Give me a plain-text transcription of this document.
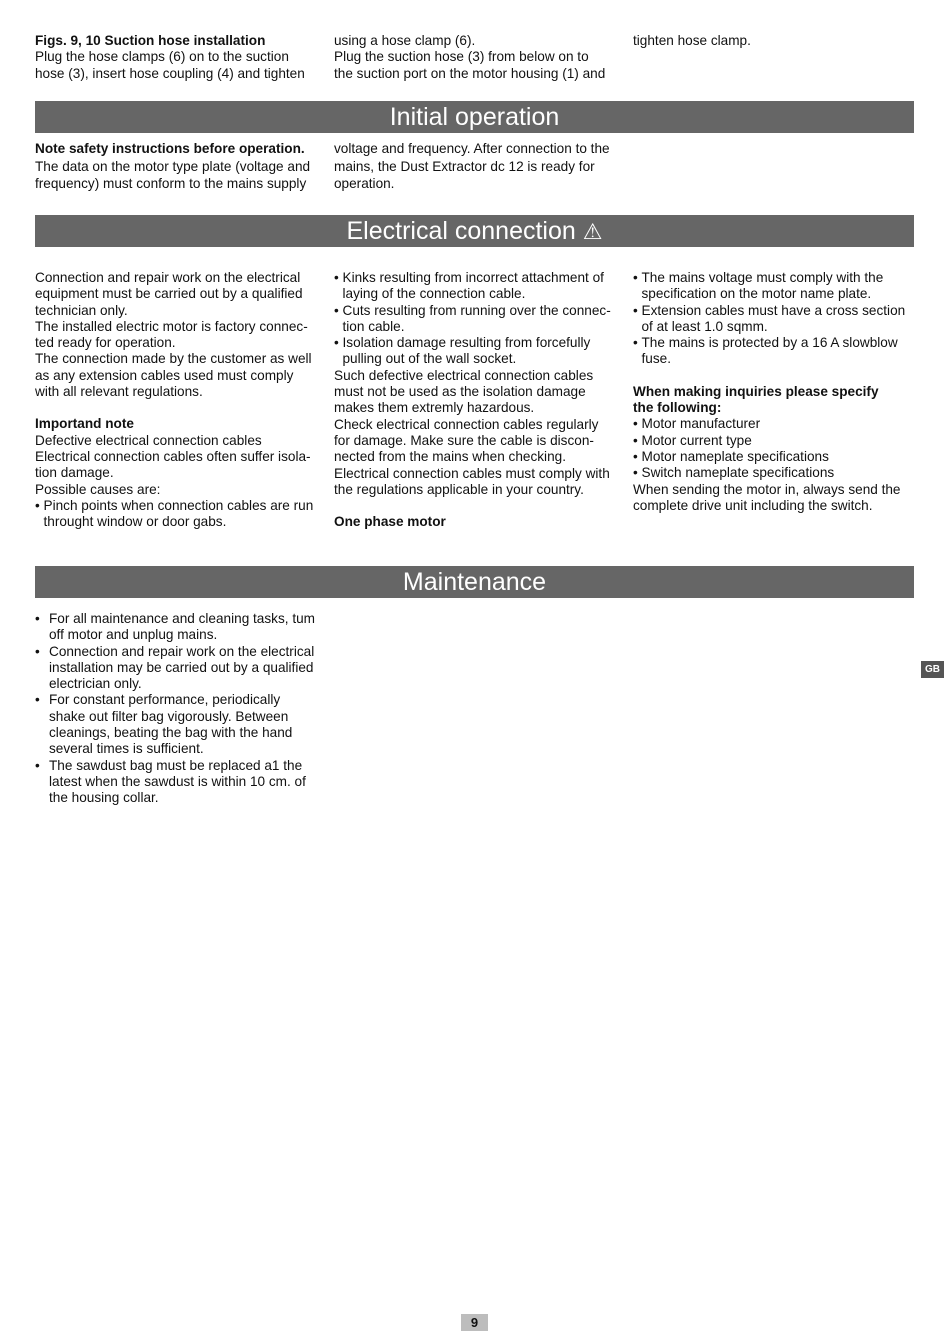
Figs. 9, 10 Suction hose installation

Plug the hose clamps (6) on to the suction
hose (3), insert hose coupling (4) and tighten
using a hose clamp (6).
Plug the suction hose (3) from below on to
the suction port on the motor housing (1) and
tighten hose clamp.
Initial operation

Note safety instructions before operation.

The data on the motor type plate (voltage and
frequency) must conform to the mains supply
voltage and frequency. After connection to the
mains, the Dust Extractor dc 12 is ready for
operation.
Electrical connection ⚠
Connection and repair work on the electrical
equipment must be carried out by a qualified
technician only.
The installed electric motor is factory connec-
ted ready for operation.
The connection made by the customer as well
as any extension cables used must comply
with all relevant regulations.

Importand note

Defective electrical connection cables
Electrical connection cables often suffer isola-
tion damage.
Possible causes are:
• Pinch points when connection cables are run
throught window or door gabs.
• Kinks resulting from incorrect attachment of
laying of the connection cable.
• Cuts resulting from running over the connec-
tion cable.
• Isolation damage resulting from forcefully
pulling out of the wall socket.
Such defective electrical connection cables
must not be used as the isolation damage
makes them extremly hazardous.
Check electrical connection cables regularly
for damage. Make sure the cable is discon-
nected from the mains when checking.
Electrical connection cables must comply with
the regulations applicable in your country.

One phase motor

• The mains voltage must comply with the
specification on the motor name plate.
• Extension cables must have a cross section
of at least 1.0 sqmm.
• The mains is protected by a 16 A slowblow
fuse.
When making inquiries please specify
the following:
• Motor manufacturer
• Motor current type
• Motor nameplate specifications
• Switch nameplate specifications
When sending the motor in, always send the
complete drive unit including the switch.
Maintenance
• For all maintenance and cleaning tasks, tum
off motor and unplug mains.
• Connection and repair work on the electrical
installation may be carried out by a qualified
electrician only.
• For constant performance, periodically
shake out filter bag vigorously. Between
cleanings, beating the bag with the hand
several times is sufficient.
• The sawdust bag must be replaced a1 the
latest when the sawdust is within 10 cm. of
the housing collar.
GB
9
